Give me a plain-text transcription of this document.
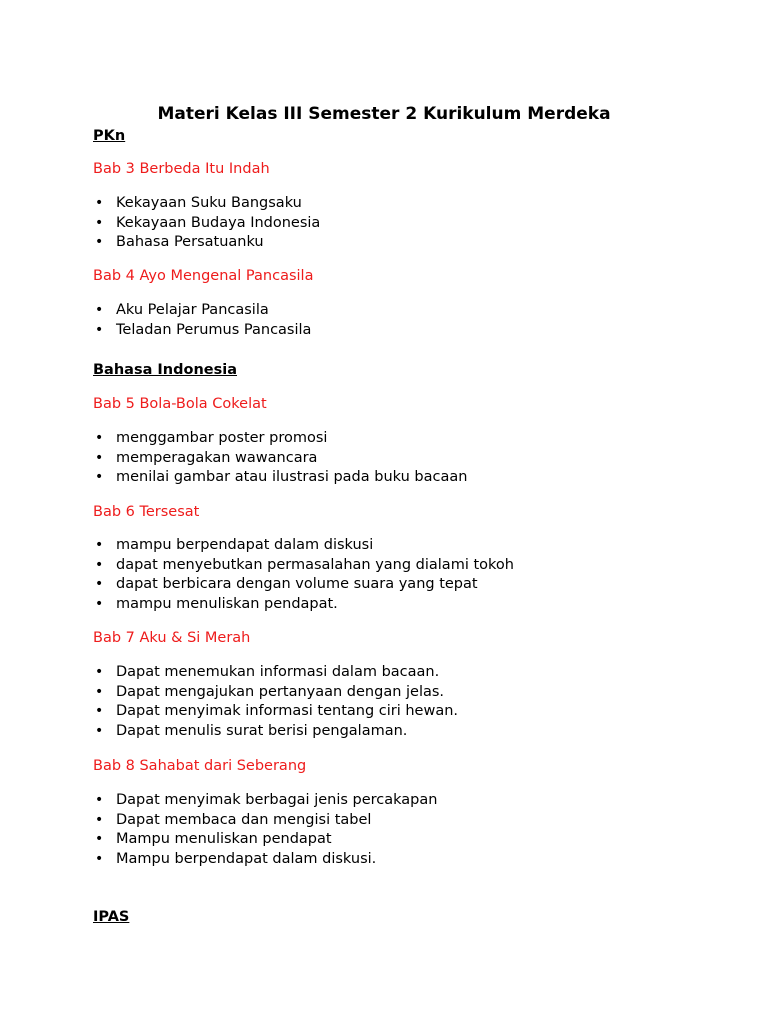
Materi Kelas III Semester 2 Kurikulum Merdeka
PKn
Bab 3 Berbeda Itu Indah
• Kekayaan Suku Bangsaku
• Kekayaan Budaya Indonesia
• Bahasa Persatuanku
Bab 4 Ayo Mengenal Pancasila
• Aku Pelajar Pancasila
• Teladan Perumus Pancasila
Bahasa Indonesia
Bab 5 Bola-Bola Cokelat
• menggambar poster promosi
• memperagakan wawancara
• menilai gambar atau ilustrasi pada buku bacaan
Bab 6 Tersesat
• mampu berpendapat dalam diskusi
• dapat menyebutkan permasalahan yang dialami tokoh
• dapat berbicara dengan volume suara yang tepat
• mampu menuliskan pendapat.
Bab 7 Aku & Si Merah
• Dapat menemukan informasi dalam bacaan.
• Dapat mengajukan pertanyaan dengan jelas.
• Dapat menyimak informasi tentang ciri hewan.
• Dapat menulis surat berisi pengalaman.
Bab 8 Sahabat dari Seberang
• Dapat menyimak berbagai jenis percakapan
• Dapat membaca dan mengisi tabel
• Mampu menuliskan pendapat
• Mampu berpendapat dalam diskusi.
IPAS
